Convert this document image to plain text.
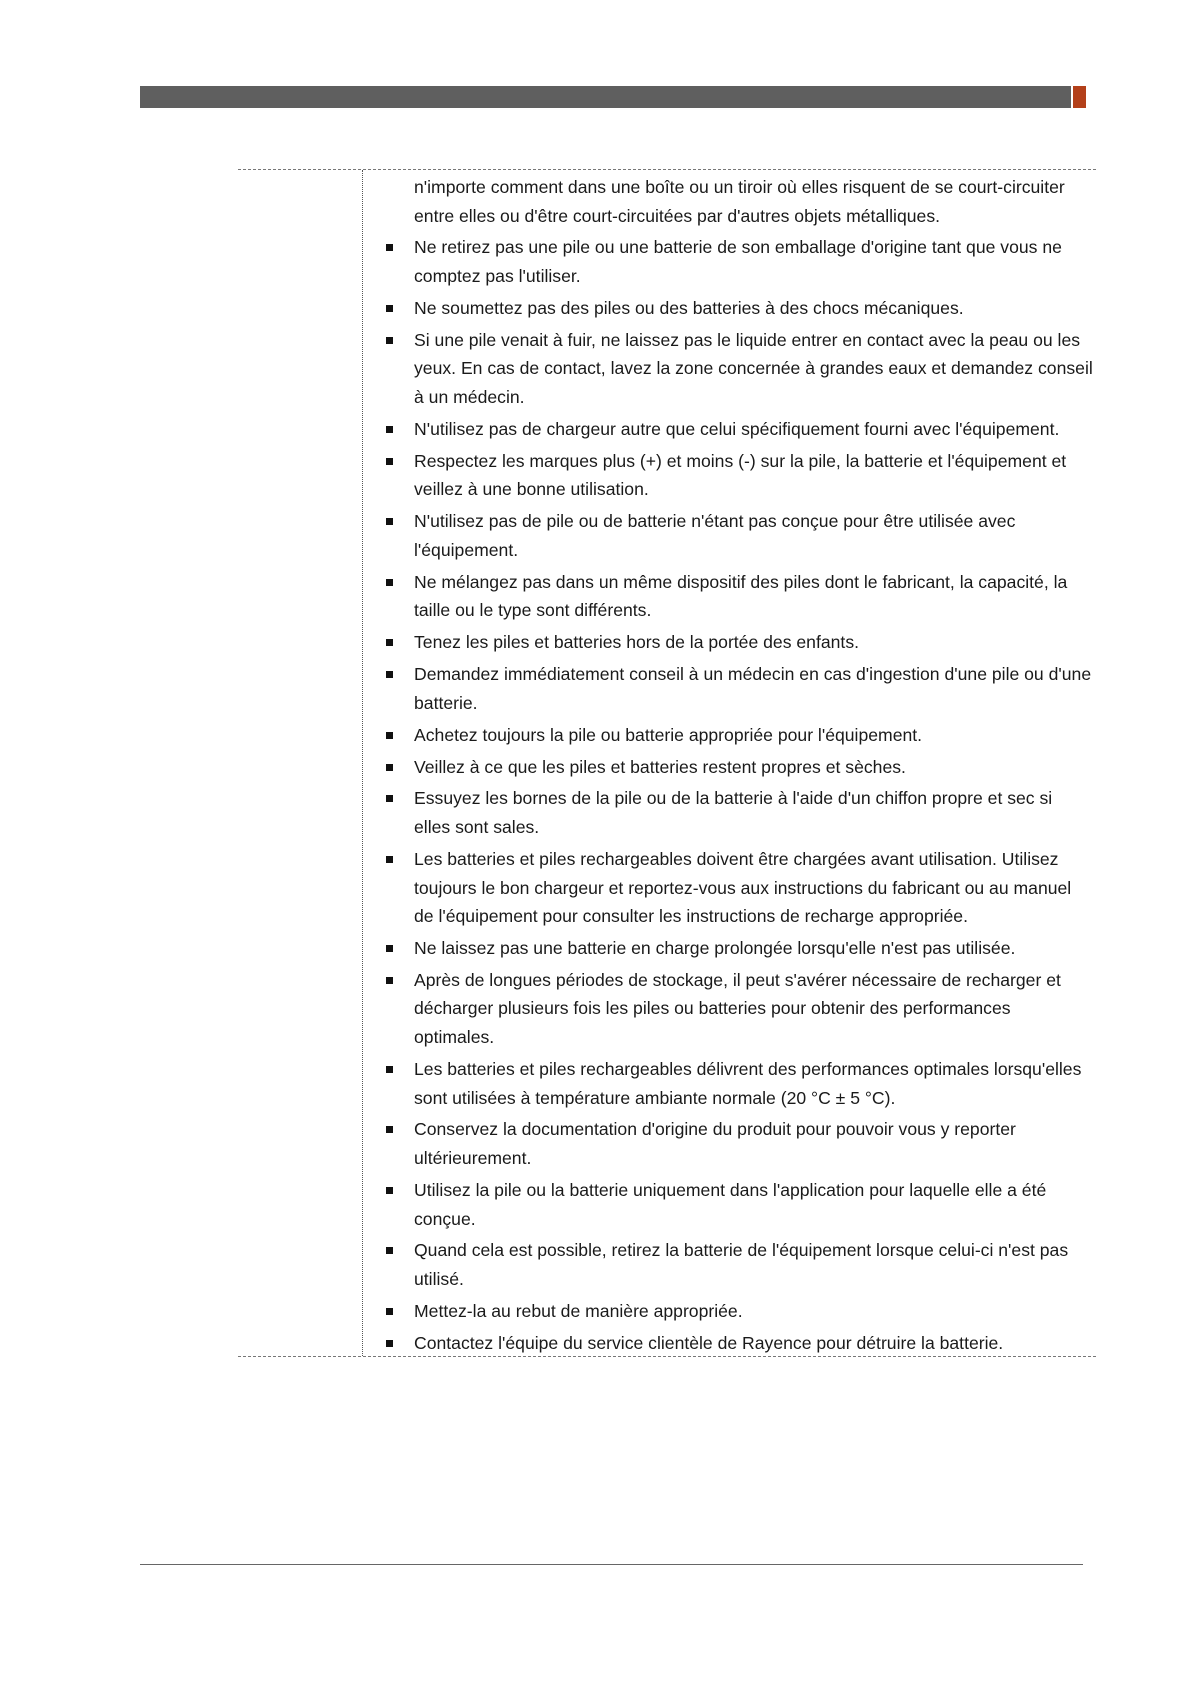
n'importe comment dans une boîte ou un tiroir où elles risquent de se court-circuiter entre elles ou d'être court-circuitées par d'autres objets métalliques.
Ne retirez pas une pile ou une batterie de son emballage d'origine tant que vous ne comptez pas l'utiliser.
Ne soumettez pas des piles ou des batteries à des chocs mécaniques.
Si une pile venait à fuir, ne laissez pas le liquide entrer en contact avec la peau ou les yeux. En cas de contact, lavez la zone concernée à grandes eaux et demandez conseil à un médecin.
N'utilisez pas de chargeur autre que celui spécifiquement fourni avec l'équipement.
Respectez les marques plus (+) et moins (-) sur la pile, la batterie et l'équipement et veillez à une bonne utilisation.
N'utilisez pas de pile ou de batterie n'étant pas conçue pour être utilisée avec l'équipement.
Ne mélangez pas dans un même dispositif des piles dont le fabricant, la capacité, la taille ou le type sont différents.
Tenez les piles et batteries hors de la portée des enfants.
Demandez immédiatement conseil à un médecin en cas d'ingestion d'une pile ou d'une batterie.
Achetez toujours la pile ou batterie appropriée pour l'équipement.
Veillez à ce que les piles et batteries restent propres et sèches.
Essuyez les bornes de la pile ou de la batterie à l'aide d'un chiffon propre et sec si elles sont sales.
Les batteries et piles rechargeables doivent être chargées avant utilisation. Utilisez toujours le bon chargeur et reportez-vous aux instructions du fabricant ou au manuel de l'équipement pour consulter les instructions de recharge appropriée.
Ne laissez pas une batterie en charge prolongée lorsqu'elle n'est pas utilisée.
Après de longues périodes de stockage, il peut s'avérer nécessaire de recharger et décharger plusieurs fois les piles ou batteries pour obtenir des performances optimales.
Les batteries et piles rechargeables délivrent des performances optimales lorsqu'elles sont utilisées à température ambiante normale (20 °C ± 5 °C).
Conservez la documentation d'origine du produit pour pouvoir vous y reporter ultérieurement.
Utilisez la pile ou la batterie uniquement dans l'application pour laquelle elle a été conçue.
Quand cela est possible, retirez la batterie de l'équipement lorsque celui-ci n'est pas utilisé.
Mettez-la au rebut de manière appropriée.
Contactez l'équipe du service clientèle de Rayence pour détruire la batterie.
